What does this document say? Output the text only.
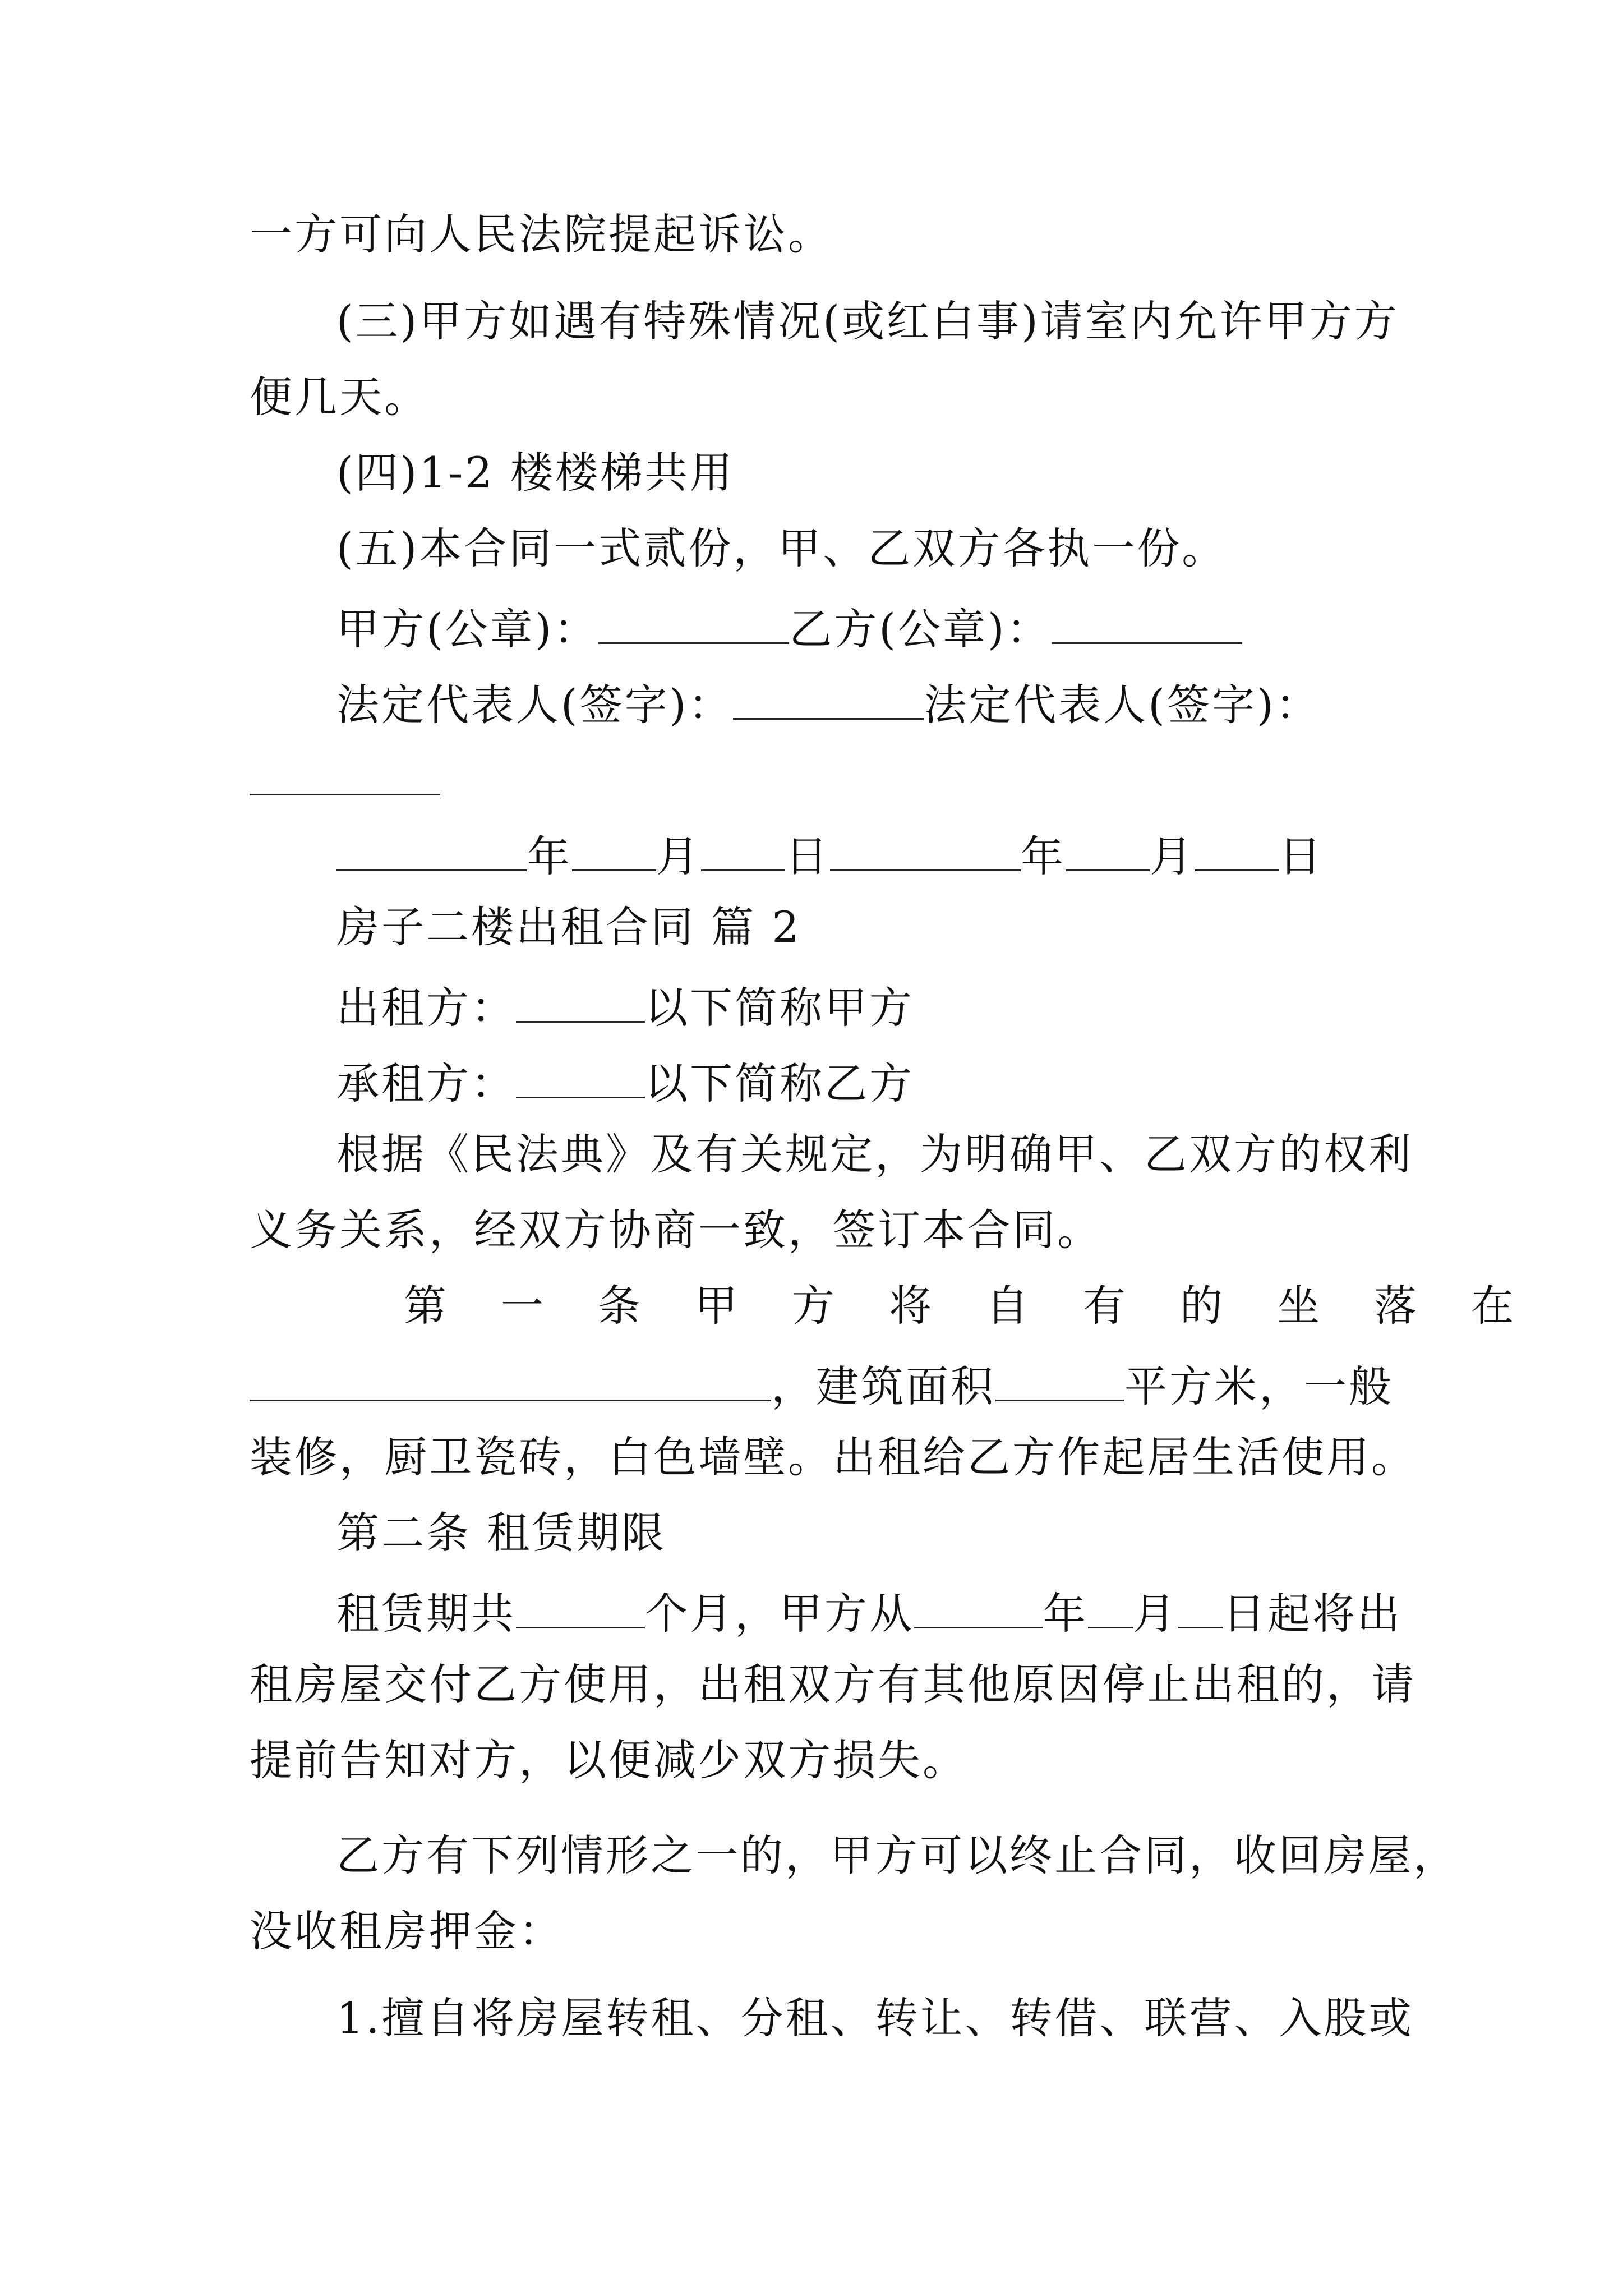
一方可向人民法院提起诉讼。
(三)甲方如遇有特殊情况(或红白事)请室内允许甲方方
便几天。
(四)1-2 楼楼梯共用
(五)本合同一式贰份，甲、乙双方各执一份。
甲方(公章)：	乙方(公章)：
法定代表人(签字)：	法定代表人(签字)：
年 月 日	年 月 日
房子二楼出租合同 篇 2
出租方：	以下简称甲方
承租方：	以下简称乙方
根据《民法典》及有关规定，为明确甲、乙双方的权利
义务关系，经双方协商一致，签订本合同。
第 一 条 甲 方 将 自 有 的 坐 落 在
，建筑面积	平方米，一般
装修，厨卫瓷砖，白色墙壁。出租给乙方作起居生活使用。
第二条 租赁期限
租赁期共	个月，甲方从	年 月 日起将出
租房屋交付乙方使用，出租双方有其他原因停止出租的，请
提前告知对方，以便减少双方损失。
乙方有下列情形之一的，甲方可以终止合同，收回房屋，
没收租房押金：
1.擅自将房屋转租、分租、转让、转借、联营、入股或
